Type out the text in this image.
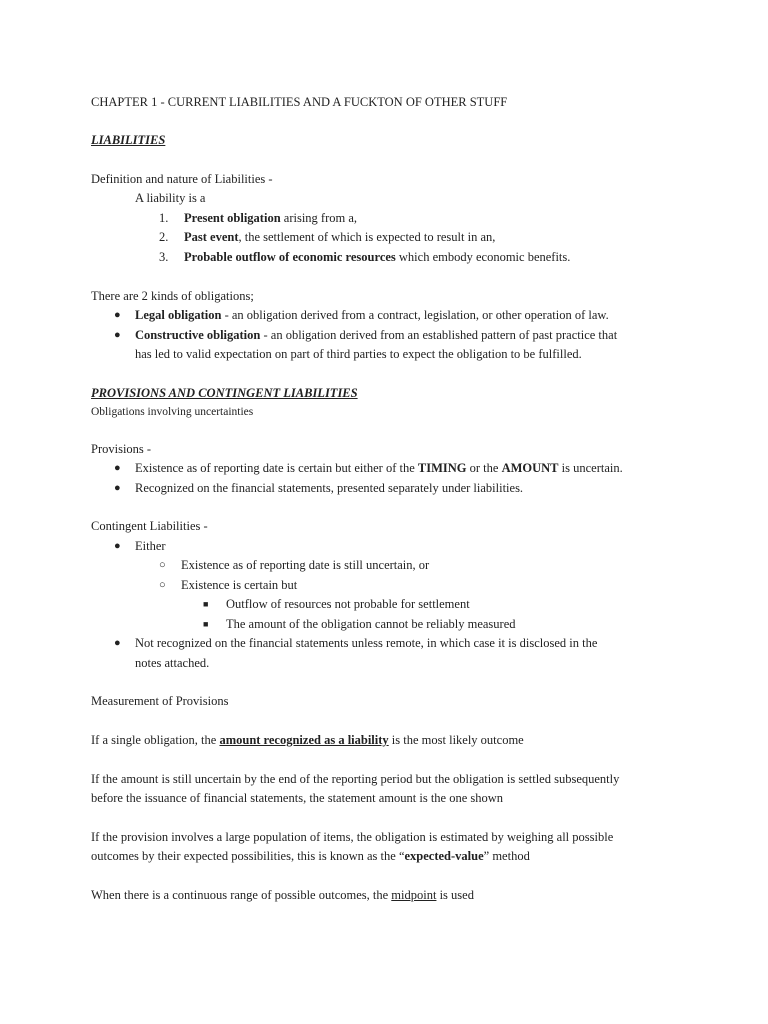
CHAPTER 1 - CURRENT LIABILITIES AND A FUCKTON OF OTHER STUFF
LIABILITIES
Definition and nature of Liabilities -
A liability is a
1. Present obligation arising from a,
2. Past event, the settlement of which is expected to result in an,
3. Probable outflow of economic resources which embody economic benefits.
There are 2 kinds of obligations;
● Legal obligation - an obligation derived from a contract, legislation, or other operation of law.
● Constructive obligation - an obligation derived from an established pattern of past practice that
has led to valid expectation on part of third parties to expect the obligation to be fulfilled.
PROVISIONS AND CONTINGENT LIABILITIES
Obligations involving uncertainties
Provisions -
● Existence as of reporting date is certain but either of the TIMING or the AMOUNT is uncertain.
● Recognized on the financial statements, presented separately under liabilities.
Contingent Liabilities -
● Either
○ Existence as of reporting date is still uncertain, or
○ Existence is certain but
■ Outflow of resources not probable for settlement
■ The amount of the obligation cannot be reliably measured
● Not recognized on the financial statements unless remote, in which case it is disclosed in the
notes attached.
Measurement of Provisions
If a single obligation, the amount recognized as a liability is the most likely outcome
If the amount is still uncertain by the end of the reporting period but the obligation is settled subsequently
before the issuance of financial statements, the statement amount is the one shown
If the provision involves a large population of items, the obligation is estimated by weighing all possible
outcomes by their expected possibilities, this is known as the “expected-value” method
When there is a continuous range of possible outcomes, the midpoint is used
